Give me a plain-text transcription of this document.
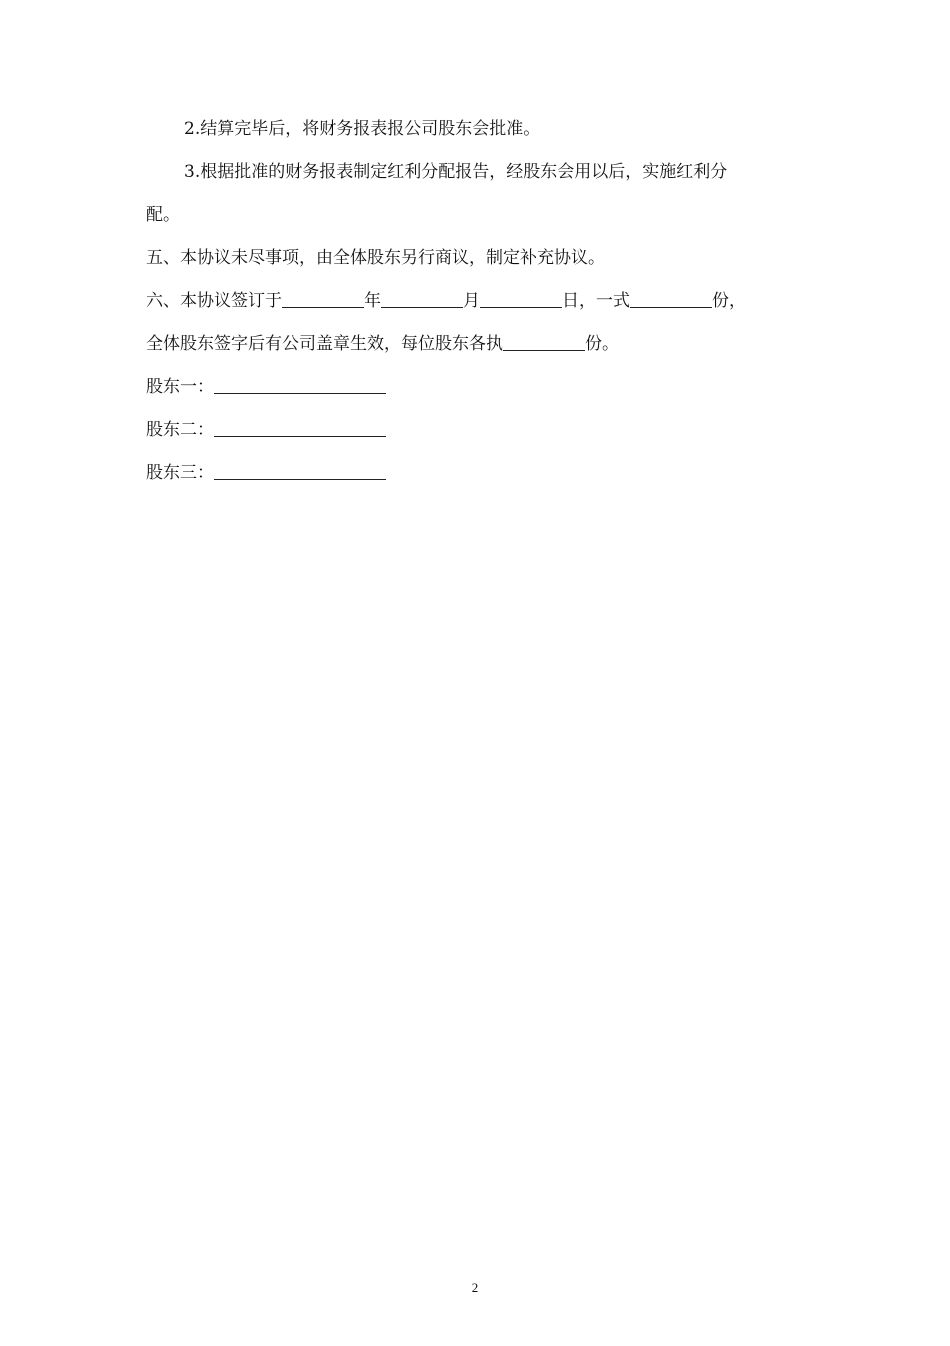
2.结算完毕后，将财务报表报公司股东会批准。
3.根据批准的财务报表制定红利分配报告，经股东会用以后，实施红利分
配。
五、本协议未尽事项，由全体股东另行商议，制定补充协议。
六、本协议签订于	年	月	日，一式	份，
全体股东签字后有公司盖章生效，每位股东各执	份。
股东一：
股东二：
股东三：
2
